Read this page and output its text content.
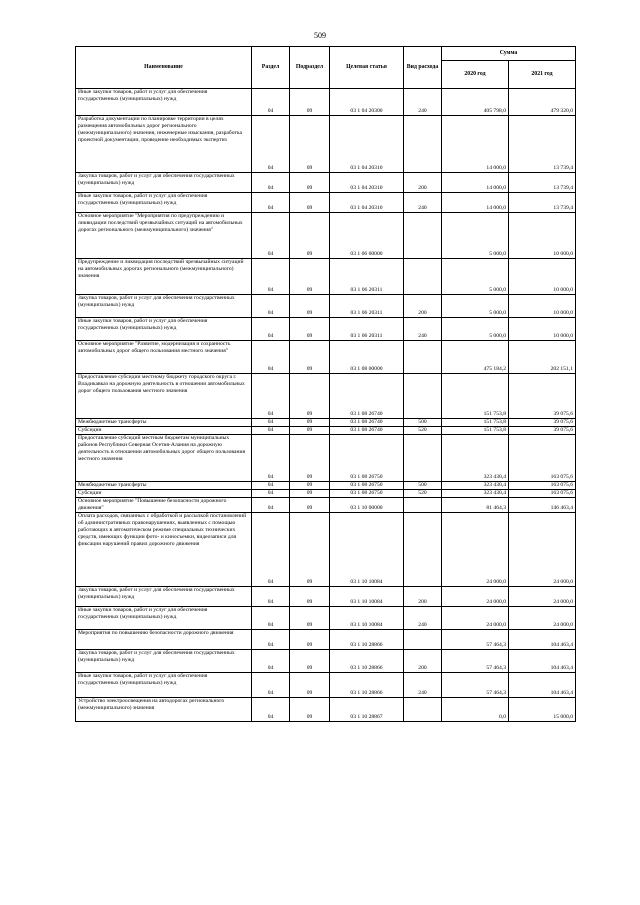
509
Наименование	Раздел	Подраздел	Целевая статья	Вид расхода	Сумма	
					2020 год	2021 год
Иные закупки товаров, работ и услуг для обеспечения государственных (муниципальных) нужд	04	09	03 1 04 20300	240	405 798,0	479 320,0
Разработка документации по планировке территории в целях размещения автомобильных дорог регионального (межмуниципального) значения, инженерные изыскания, разработка проектной документации, проведение необходимых экспертиз	04	09	03 1 04 20310		14 000,0	13 739,4
Закупка товаров, работ и услуг для обеспечения государственных (муниципальных) нужд	04	09	03 1 04 20310	200	14 000,0	13 739,4
Иные закупки товаров, работ и услуг для обеспечения государственных (муниципальных) нужд	04	09	03 1 04 20310	240	14 000,0	13 739,4
Основное мероприятие "Мероприятия по предупреждению и ликвидации последствий чрезвычайных ситуаций на автомобильных дорогах регионального (межмуниципального) значения"	04	09	03 1 06 00000		5 000,0	10 000,0
Предупреждение и ликвидация последствий чрезвычайных ситуаций на автомобильных дорогах регионального (межмуниципального) значения	04	09	03 1 06 20311		5 000,0	10 000,0
Закупка товаров, работ и услуг для обеспечения государственных (муниципальных) нужд	04	09	03 1 06 20311	200	5 000,0	10 000,0
Иные закупки товаров, работ и услуг для обеспечения государственных (муниципальных) нужд	04	09	03 1 06 20311	240	5 000,0	10 000,0
Основное мероприятие "Развитие, модернизация и сохранность автомобильных дорог общего пользования местного значения"	04	09	03 1 08 00000		475 184,2	202 151,1
Предоставление субсидии местному бюджету городского округа г. Владикавказ на дорожную деятельность в отношении автомобильных дорог общего пользования местного значения	04	09	03 1 08 26740		151 753,8	39 075,6
Межбюджетные трансферты	04	09	03 1 08 26740	500	151 753,8	39 075,6
Субсидии	04	09	03 1 08 26740	520	151 753,8	39 075,6
Предоставление субсидий местным бюджетам муниципальных районов Республики Северная Осетия-Алания на дорожную деятельность в отношении автомобильных дорог общего пользования местного значения	04	09	03 1 08 26750		323 430,4	163 075,6
Межбюджетные трансферты	04	09	03 1 08 26750	500	323 430,4	163 075,6
Субсидии	04	09	03 1 08 26750	520	323 430,4	163 075,6
Основное мероприятие "Повышение безопасности дорожного движения"	04	09	03 1 10 00000		81 464,3	146 463,4
Оплата расходов, связанных с обработкой и рассылкой постановлений об административных правонарушениях, выявленных с помощью работающих в автоматическом режиме специальных технических средств, имеющих функции фото- и киносъемки, видеозаписи для фиксации нарушений правил дорожного движения	04	09	03 1 10 10084		24 000,0	24 000,0
Закупка товаров, работ и услуг для обеспечения государственных (муниципальных) нужд	04	09	03 1 10 10084	200	24 000,0	24 000,0
Иные закупки товаров, работ и услуг для обеспечения государственных (муниципальных) нужд	04	09	03 1 10 10084	240	24 000,0	24 000,0
Мероприятия по повышению безопасности дорожного движения	04	09	03 1 10 28866		57 464,3	104 463,4
Закупка товаров, работ и услуг для обеспечения государственных (муниципальных) нужд	04	09	03 1 10 28866	200	57 464,3	104 463,4
Иные закупки товаров, работ и услуг для обеспечения государственных (муниципальных) нужд	04	09	03 1 10 28866	240	57 464,3	104 463,4
Устройство электроосвещения на автодорогах регионального (межмуниципального) значения	04	09	03 1 10 28867		0,0	15 000,0
